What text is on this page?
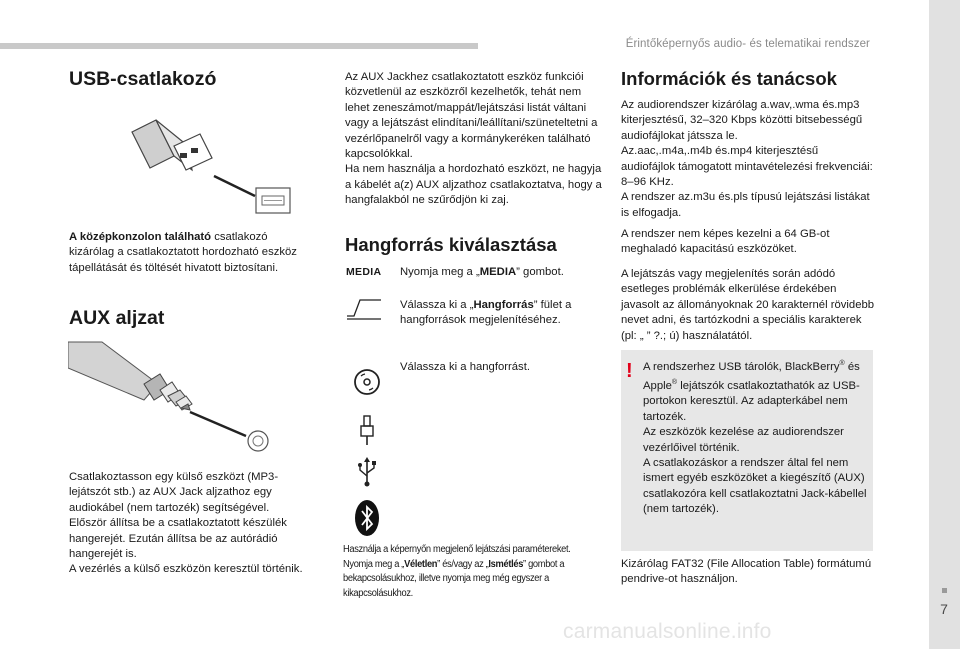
Érintőképernyős audio- és telematikai rendszer
7
USB-csatlakozó

A középkonzolon található csatlakozó kizárólag a csatlakoztatott hordozható eszköz tápellátását és töltését hivatott biztosítani.

AUX aljzat

Csatlakoztasson egy külső eszközt (MP3-lejátszót stb.) az AUX Jack aljzathoz egy audiokábel (nem tartozék) segítségével.

Először állítsa be a csatlakoztatott készülék hangerejét. Ezután állítsa be az autórádió hangerejét is.

A vezérlés a külső eszközön keresztül történik.

Az AUX Jackhez csatlakoztatott eszköz funkciói közvetlenül az eszközről kezelhetők, tehát nem lehet zeneszámot/mappát/lejátszási listát váltani vagy a lejátszást elindítani/leállítani/szüneteltetni a vezérlőpanelről vagy a kormánykeréken található kapcsolókkal.

Ha nem használja a hordozható eszközt, ne hagyja a kábelét a(z) AUX aljzathoz csatlakoztatva, hogy a hangfalakból ne szűrődjön ki zaj.

Hangforrás kiválasztása
MEDIA Nyomja meg a „MEDIA” gombot.
Válassza ki a „Hangforrás” fület a hangforrások megjelenítéséhez.
Válassza ki a hangforrást.
Használja a képernyőn megjelenő lejátszási paramétereket. Nyomja meg a „Véletlen” és/vagy az „Ismétlés” gombot a bekapcsolásukhoz, illetve nyomja meg még egyszer a kikapcsolásukhoz.
Információk és tanácsok

Az audiorendszer kizárólag a.wav,.wma és.mp3 kiterjesztésű, 32–320 Kbps közötti bitsebességű audiofájlokat játssza le.

Az.aac,.m4a,.m4b és.mp4 kiterjesztésű audiofájlok támogatott mintavételezési frekvenciái: 8–96 KHz.

A rendszer az.m3u és.pls típusú lejátszási listákat is elfogadja.

A rendszer nem képes kezelni a 64 GB-ot meghaladó kapacitású eszközöket.
A lejátszás vagy megjelenítés során adódó esetleges problémák elkerülése érdekében javasolt az állományoknak 20 karakternél rövidebb nevet adni, és tartózkodni a speciális karakterek (pl: „ ” ?.; ú) használatától.
! A rendszerhez USB tárolók, BlackBerry® és Apple® lejátszók csatlakoztathatók az USB-portokon keresztül. Az adapterkábel nem tartozék.

Az eszközök kezelése az audiorendszer vezérlőivel történik.

A csatlakozáskor a rendszer által fel nem ismert egyéb eszközöket a kiegészítő (AUX) csatlakozóra kell csatlakoztatni Jack-kábellel (nem tartozék).

Kizárólag FAT32 (File Allocation Table) formátumú pendrive-ot használjon.
carmanualsonline.info
